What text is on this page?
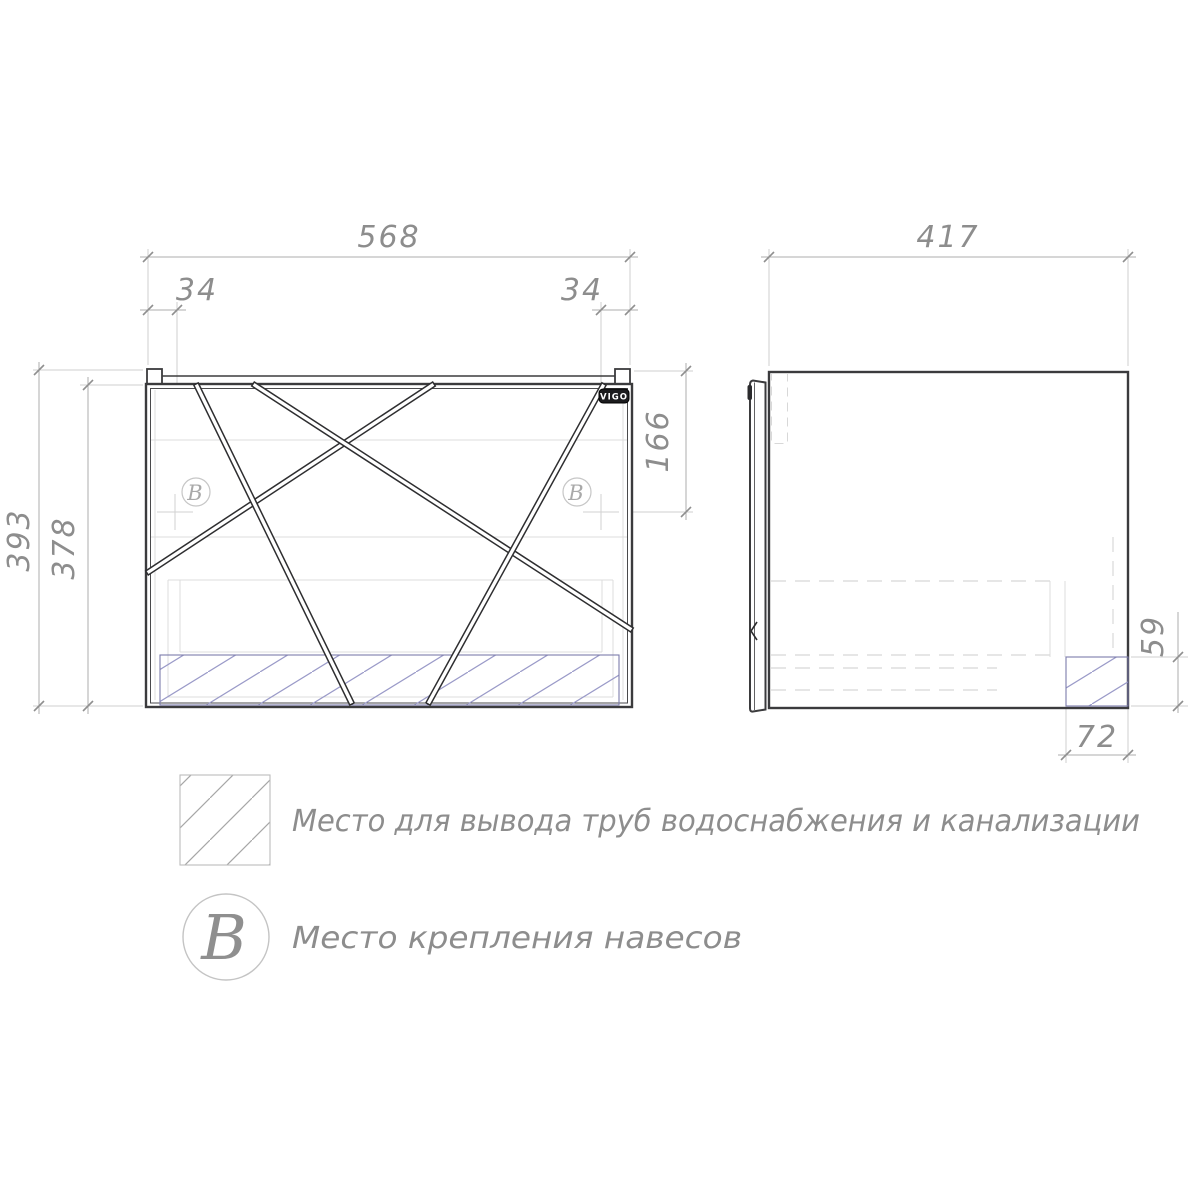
568
34	34
393 378
166
B	B
VIGO
417
59
72
Место для вывода труб водоснабжения и канализации
B Место крепления навесов
